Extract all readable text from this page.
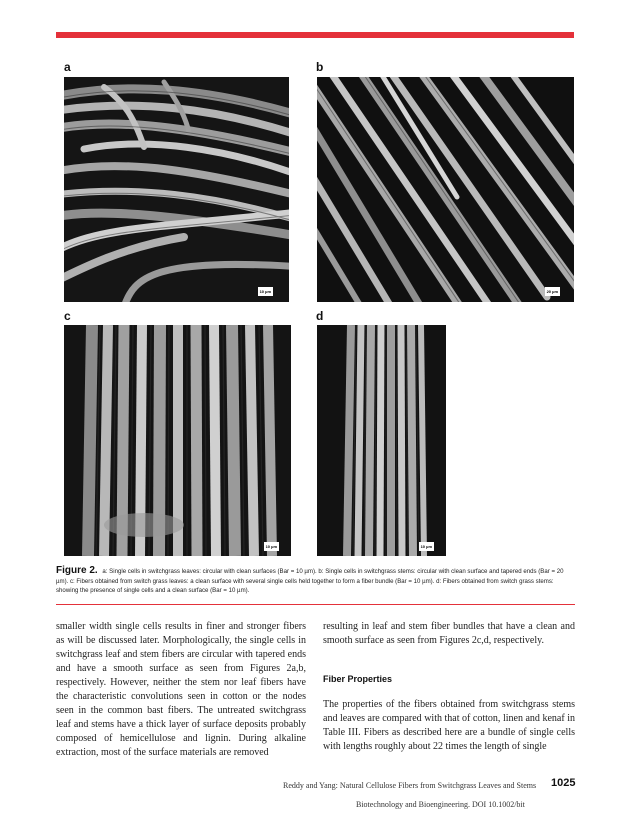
a	b
c	d
10 µm	20 µm
10 µm	10 µm
Figure 2. a: Single cells in switchgrass leaves: circular with clean surfaces (Bar = 10 µm). b: Single cells in switchgrass stems: circular with clean surface and tapered ends (Bar = 20 µm). c: Fibers obtained from switch grass leaves: a clean surface with several single cells held together to form a fiber bundle (Bar = 10 µm). d: Fibers obtained from switch grass stems: showing the presence of single cells and a clean surface (Bar = 10 µm).

smaller width single cells results in finer and stronger fibers as will be discussed later. Morphologically, the single cells in switchgrass leaf and stem fibers are circular with tapered ends and have a smooth surface as seen from Figures 2a,b, respectively. However, neither the stem nor leaf fibers have the characteristic convolutions seen in cotton or the nodes seen in the common bast fibers. The untreated switchgrass leaf and stems have a thick layer of surface deposits probably composed of hemicellulose and lignin. During alkaline extraction, most of the surface materials are removed

resulting in leaf and stem fiber bundles that have a clean and smooth surface as seen from Figures 2c,d, respectively.

Fiber Properties

The properties of the fibers obtained from switchgrass stems and leaves are compared with that of cotton, linen and kenaf in Table III. Fibers as described here are a bundle of single cells with lengths roughly about 22 times the length of single

Reddy and Yang: Natural Cellulose Fibers from Switchgrass Leaves and Stems 1025
Biotechnology and Bioengineering. DOI 10.1002/bit
